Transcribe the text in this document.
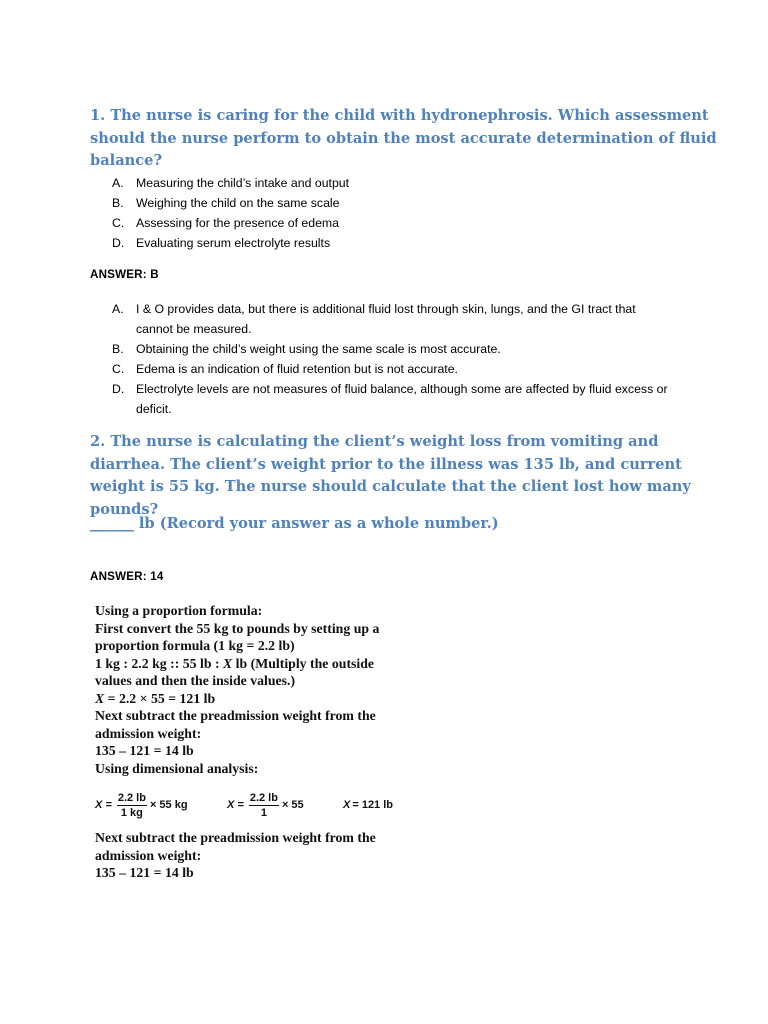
1. The nurse is caring for the child with hydronephrosis. Which assessment should the nurse perform to obtain the most accurate determination of fluid balance?
A. Measuring the child’s intake and output
B. Weighing the child on the same scale
C. Assessing for the presence of edema
D. Evaluating serum electrolyte results
ANSWER: B
A. I & O provides data, but there is additional fluid lost through skin, lungs, and the GI tract that cannot be measured.
B. Obtaining the child’s weight using the same scale is most accurate.
C. Edema is an indication of fluid retention but is not accurate.
D. Electrolyte levels are not measures of fluid balance, although some are affected by fluid excess or deficit.
2. The nurse is calculating the client’s weight loss from vomiting and diarrhea. The client’s weight prior to the illness was 135 lb, and current weight is 55 kg. The nurse should calculate that the client lost how many pounds?
______ lb (Record your answer as a whole number.)
ANSWER: 14
Using a proportion formula:
First convert the 55 kg to pounds by setting up a
proportion formula (1 kg = 2.2 lb)
1 kg : 2.2 kg :: 55 lb : X lb (Multiply the outside
values and then the inside values.)
X = 2.2 × 55 = 121 lb
Next subtract the preadmission weight from the
admission weight:
135 – 121 = 14 lb
Using dimensional analysis:
$X = \frac{2.2 lb}{1 kg} \times 55$ kg	$X = \frac{2.2 lb}{1} \times 55$	X = 121 lb
Next subtract the preadmission weight from the
admission weight:
135 – 121 = 14 lb
